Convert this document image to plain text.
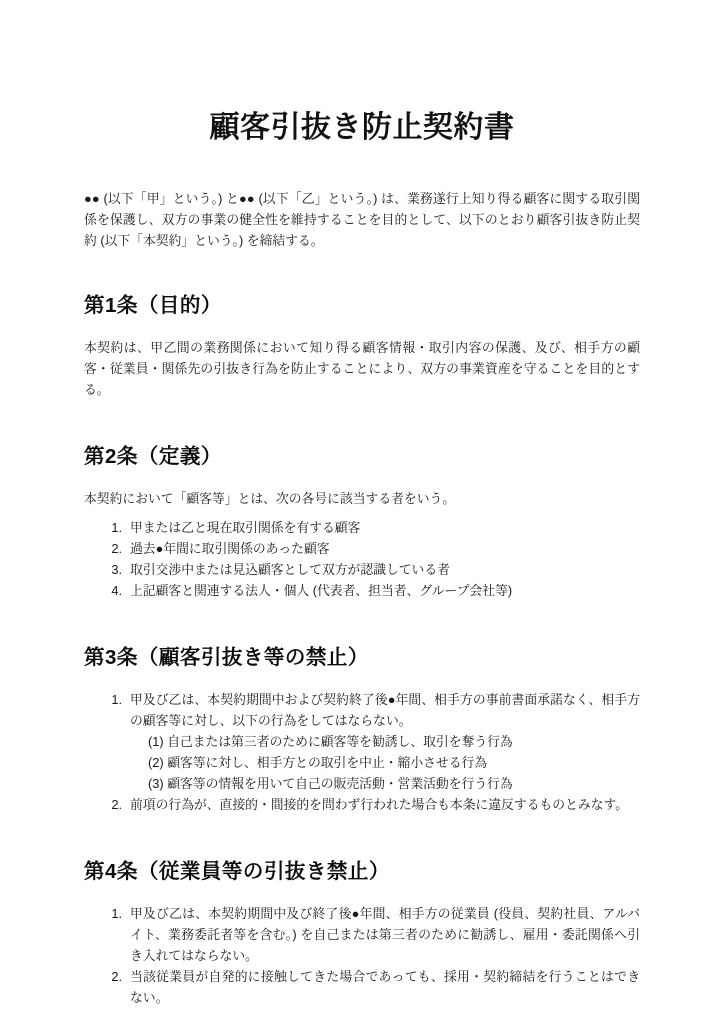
顧客引抜き防止契約書

●● (以下「甲」という。) と●● (以下「乙」という。) は、業務遂行上知り得る顧客に関する取引関係を保護し、双方の事業の健全性を維持することを目的として、以下のとおり顧客引抜き防止契約 (以下「本契約」という。) を締結する。

第1条（目的）

本契約は、甲乙間の業務関係において知り得る顧客情報・取引内容の保護、及び、相手方の顧客・従業員・関係先の引抜き行為を防止することにより、双方の事業資産を守ることを目的とする。

第2条（定義）

本契約において「顧客等」とは、次の各号に該当する者をいう。

甲または乙と現在取引関係を有する顧客
過去●年間に取引関係のあった顧客
取引交渉中または見込顧客として双方が認識している者
上記顧客と関連する法人・個人 (代表者、担当者、グループ会社等)
第3条（顧客引抜き等の禁止）
甲及び乙は、本契約期間中および契約終了後●年間、相手方の事前書面承諾なく、相手方の顧客等に対し、以下の行為をしてはならない。
(1) 自己または第三者のために顧客等を勧誘し、取引を奪う行為
(2) 顧客等に対し、相手方との取引を中止・縮小させる行為
(3) 顧客等の情報を用いて自己の販売活動・営業活動を行う行為
前項の行為が、直接的・間接的を問わず行われた場合も本条に違反するものとみなす。
第4条（従業員等の引抜き禁止）
甲及び乙は、本契約期間中及び終了後●年間、相手方の従業員 (役員、契約社員、アルバイト、業務委託者等を含む。) を自己または第三者のために勧誘し、雇用・委託関係へ引き入れてはならない。
当該従業員が自発的に接触してきた場合であっても、採用・契約締結を行うことはできない。
